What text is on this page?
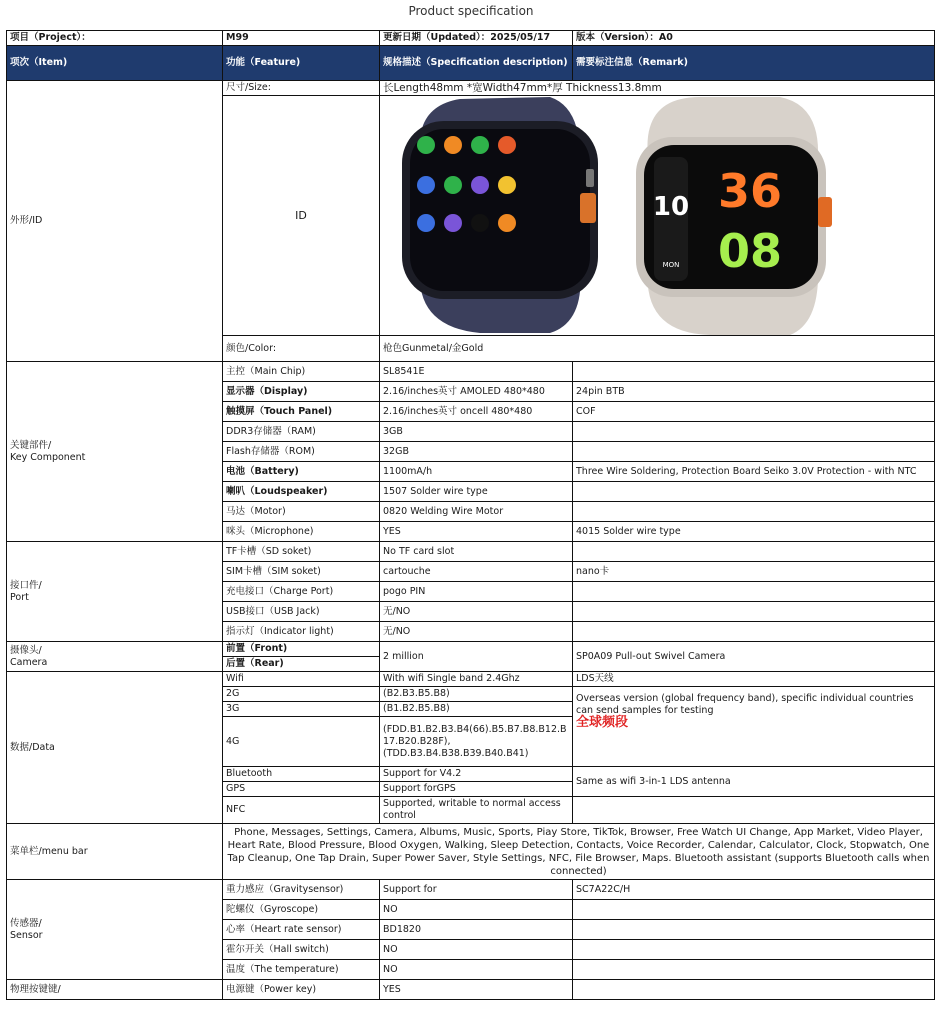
Product specification
项目（Project）：	M99	更新日期（Updated）：2025/05/17	版本（Version）：A0
项次（Item)	功能（Feature)	规格描述（Specification description)	需要标注信息（Remark)
外形/ID	尺寸/Size:	长Length48mm *宽Width47mm*厚 Thickness13.8mm	
	ID	10
MON
36
08	

	颜色/Color:	枪色Gunmetal/金Gold	
关键部件/
Key Component	主控（Main Chip)	SL8541E	
	显示器（Display)	2.16/inches英寸 AMOLED 480*480	24pin BTB
	触摸屏（Touch Panel)	2.16/inches英寸 oncell 480*480	COF
	DDR3存储器（RAM)	3GB	
	Flash存储器（ROM)	32GB	
	电池（Battery)	1100mA/h	Three Wire Soldering, Protection Board Seiko 3.0V Protection - with NTC
	喇叭（Loudspeaker)	1507 Solder wire type	
	马达（Motor)	0820 Welding Wire Motor	
	咪头（Microphone)	YES	4015 Solder wire type
接口件/
Port	TF卡槽（SD soket)	No TF card slot	
	SIM卡槽（SIM soket)	cartouche	nano卡
	充电接口（Charge Port)	pogo PIN	
	USB接口（USB Jack)	无/NO	
	指示灯（Indicator light)	无/NO	
摄像头/
Camera	前置（Front)	2 million	SP0A09 Pull-out Swivel Camera
	后置（Rear)		
数据/Data	Wifi	With wifi Single band 2.4Ghz	LDS天线
	2G	(B2.B3.B5.B8)	Overseas version (global frequency band), specific individual countries can send samples for testing
全球频段
	3G	(B1.B2.B5.B8)	
	4G	(FDD.B1.B2.B3.B4(66).B5.B7.B8.B12.B17.B20.B28F),(TDD.B3.B4.B38.B39.B40.B41)	
	Bluetooth	Support for V4.2	Same as wifi 3-in-1 LDS antenna
	GPS	Support forGPS	
	NFC	Supported, writable to normal access control	
菜单栏/menu bar	Phone, Messages, Settings, Camera, Albums, Music, Sports, Piay Store, TikTok, Browser, Free Watch UI Change, App Market, Video Player, Heart Rate, Blood Pressure, Blood Oxygen, Walking, Sleep Detection, Contacts, Voice Recorder, Calendar, Calculator, Clock, Stopwatch, One Tap Cleanup, One Tap Drain, Super Power Saver, Style Settings, NFC, File Browser, Maps. Bluetooth assistant (supports Bluetooth calls when connected)		
传感器/
Sensor	重力感应（Gravitysensor)	Support for	SC7A22C/H
	陀螺仪（Gyroscope)	NO	
	心率（Heart rate sensor)	BD1820	
	霍尔开关（Hall switch)	NO	
	温度（The temperature)	NO	
物理按键键/	电源键（Power key)	YES	
